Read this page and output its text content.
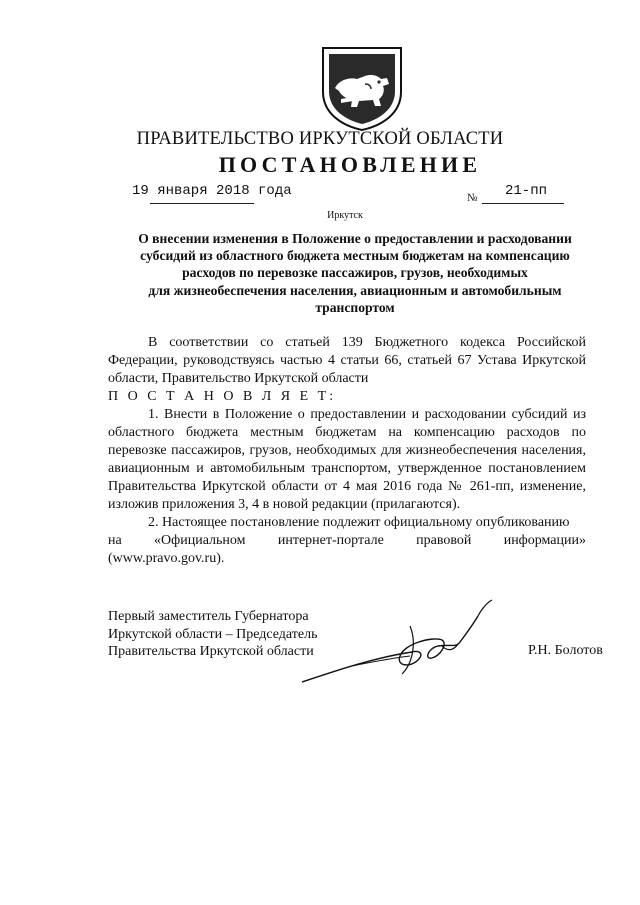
ПРАВИТЕЛЬСТВО ИРКУТСКОЙ ОБЛАСТИ
ПОСТАНОВЛЕНИЕ
19 января 2018 года	№ 21-пп
Иркутск
О внесении изменения в Положение о предоставлении и расходовании
субсидий из областного бюджета местным бюджетам на компенсацию
расходов по перевозке пассажиров, грузов, необходимых
для жизнеобеспечения населения, авиационным и автомобильным
транспортом

В соответствии со статьей 139 Бюджетного кодекса Российской Федерации, руководствуясь частью 4 статьи 66, статьей 67 Устава Иркутской области, Правительство Иркутской области

П О С Т А Н О В Л Я Е Т:

1. Внести в Положение о предоставлении и расходовании субсидий из областного бюджета местным бюджетам на компенсацию расходов по перевозке пассажиров, грузов, необходимых для жизнеобеспечения населения, авиационным и автомобильным транспортом, утвержденное постановлением Правительства Иркутской области от 4 мая 2016 года № 261-пп, изменение, изложив приложения 3, 4 в новой редакции (прилагаются).

2. Настоящее постановление подлежит официальному опубликованию

на «Официальном интернет-портале правовой информации»

(www.pravo.gov.ru).

Первый заместитель Губернатора
Иркутской области – Председатель
Правительства Иркутской области	Р.Н. Болотов
